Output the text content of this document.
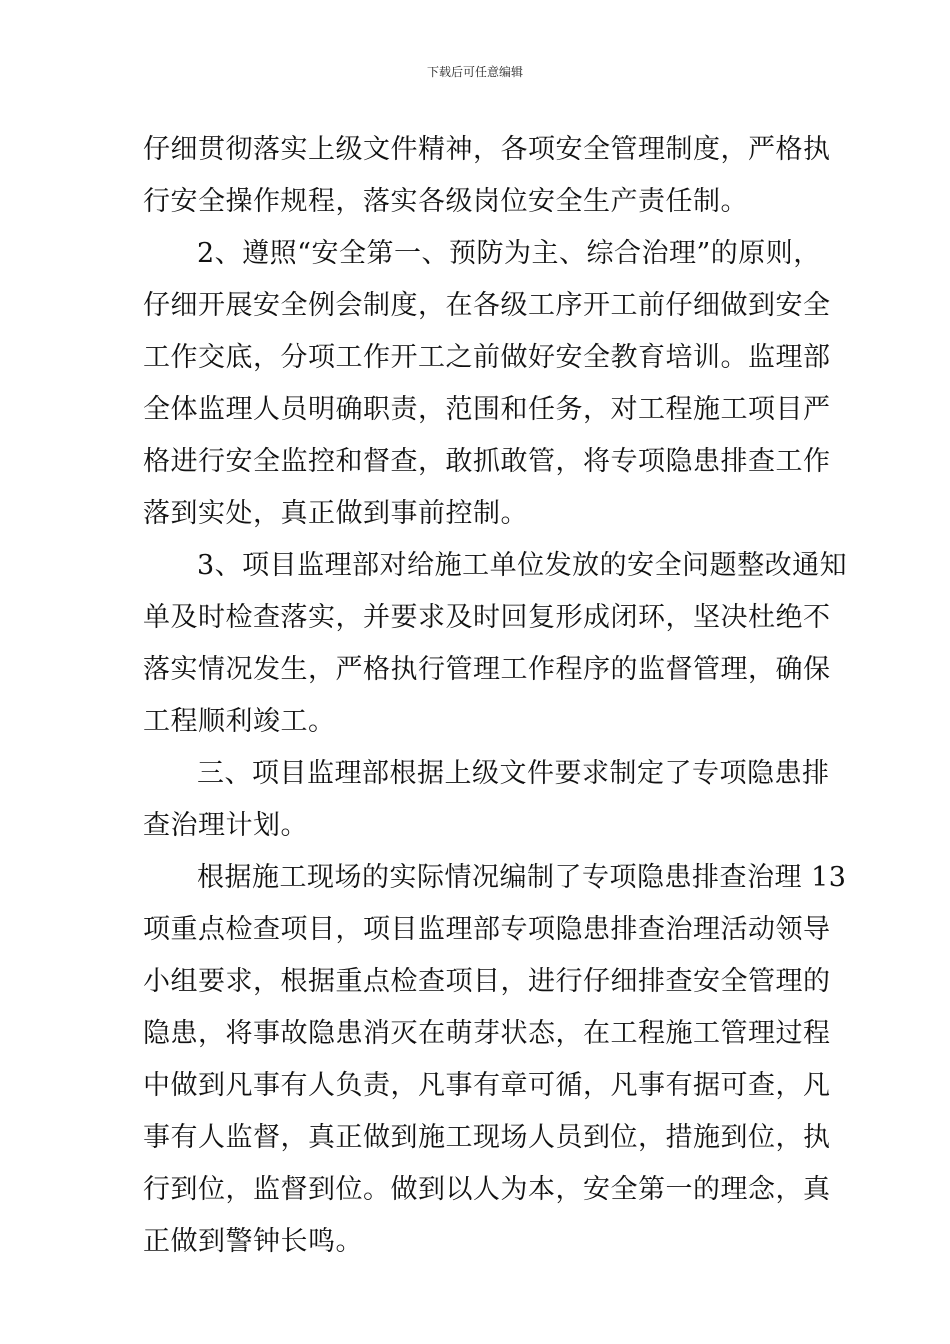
下载后可任意编辑
仔细贯彻落实上级文件精神，各项安全管理制度，严格执
行安全操作规程，落实各级岗位安全生产责任制。
2、遵照“安全第一、预防为主、综合治理”的原则，
仔细开展安全例会制度，在各级工序开工前仔细做到安全
工作交底，分项工作开工之前做好安全教育培训。监理部
全体监理人员明确职责，范围和任务，对工程施工项目严
格进行安全监控和督查，敢抓敢管，将专项隐患排查工作
落到实处，真正做到事前控制。
3、项目监理部对给施工单位发放的安全问题整改通知
单及时检查落实，并要求及时回复形成闭环，坚决杜绝不
落实情况发生，严格执行管理工作程序的监督管理，确保
工程顺利竣工。
三、项目监理部根据上级文件要求制定了专项隐患排
查治理计划。
根据施工现场的实际情况编制了专项隐患排查治理 13
项重点检查项目，项目监理部专项隐患排查治理活动领导
小组要求，根据重点检查项目，进行仔细排查安全管理的
隐患，将事故隐患消灭在萌芽状态，在工程施工管理过程
中做到凡事有人负责，凡事有章可循，凡事有据可查，凡
事有人监督，真正做到施工现场人员到位，措施到位，执
行到位，监督到位。做到以人为本，安全第一的理念，真
正做到警钟长鸣。
